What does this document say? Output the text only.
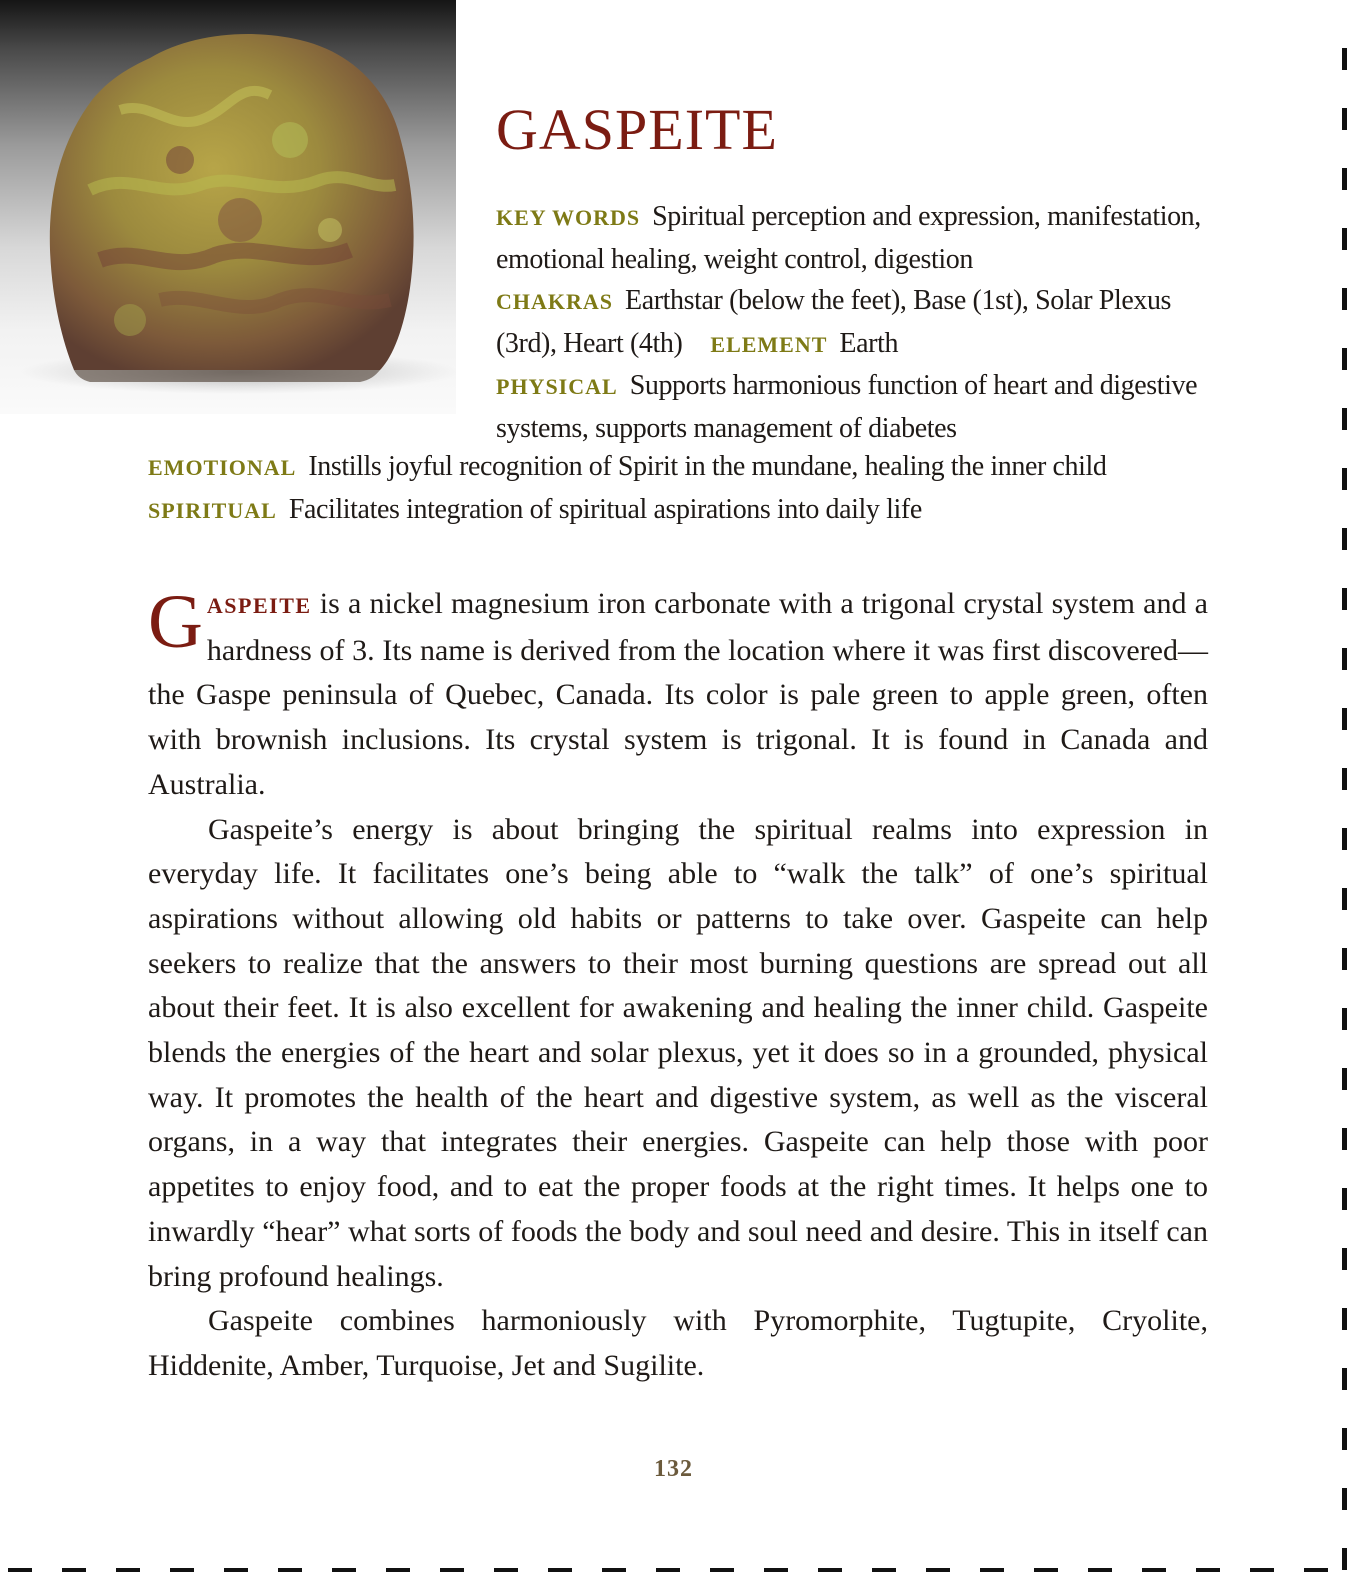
GASPEITE
KEY WORDS Spiritual perception and expression, manifestation, emotional healing, weight control, digestion
CHAKRAS Earthstar (below the feet), Base (1st), Solar Plexus (3rd), Heart (4th) ELEMENT Earth
PHYSICAL Supports harmonious function of heart and digestive systems, supports management of diabetes
EMOTIONAL Instills joyful recognition of Spirit in the mundane, healing the inner childSPIRITUAL Facilitates integration of spiritual aspirations into daily life

GASPEITE is a nickel magnesium iron carbonate with a trigonal crystal system and a hardness of 3. Its name is derived from the location where it was first discovered—the Gaspe peninsula of Quebec, Canada. Its color is pale green to apple green, often with brownish inclusions. Its crystal system is trigonal. It is found in Canada and Australia.

Gaspeite’s energy is about bringing the spiritual realms into expression in everyday life. It facilitates one’s being able to “walk the talk” of one’s spiritual aspirations without allowing old habits or patterns to take over. Gaspeite can help seekers to realize that the answers to their most burning questions are spread out all about their feet. It is also excellent for awakening and healing the inner child. Gaspeite blends the energies of the heart and solar plexus, yet it does so in a grounded, physical way. It promotes the health of the heart and digestive system, as well as the visceral organs, in a way that integrates their energies. Gaspeite can help those with poor appetites to enjoy food, and to eat the proper foods at the right times. It helps one to inwardly “hear” what sorts of foods the body and soul need and desire. This in itself can bring profound healings.

Gaspeite combines harmoniously with Pyromorphite, Tugtupite, Cryolite, Hiddenite, Amber, Turquoise, Jet and Sugilite.

132
